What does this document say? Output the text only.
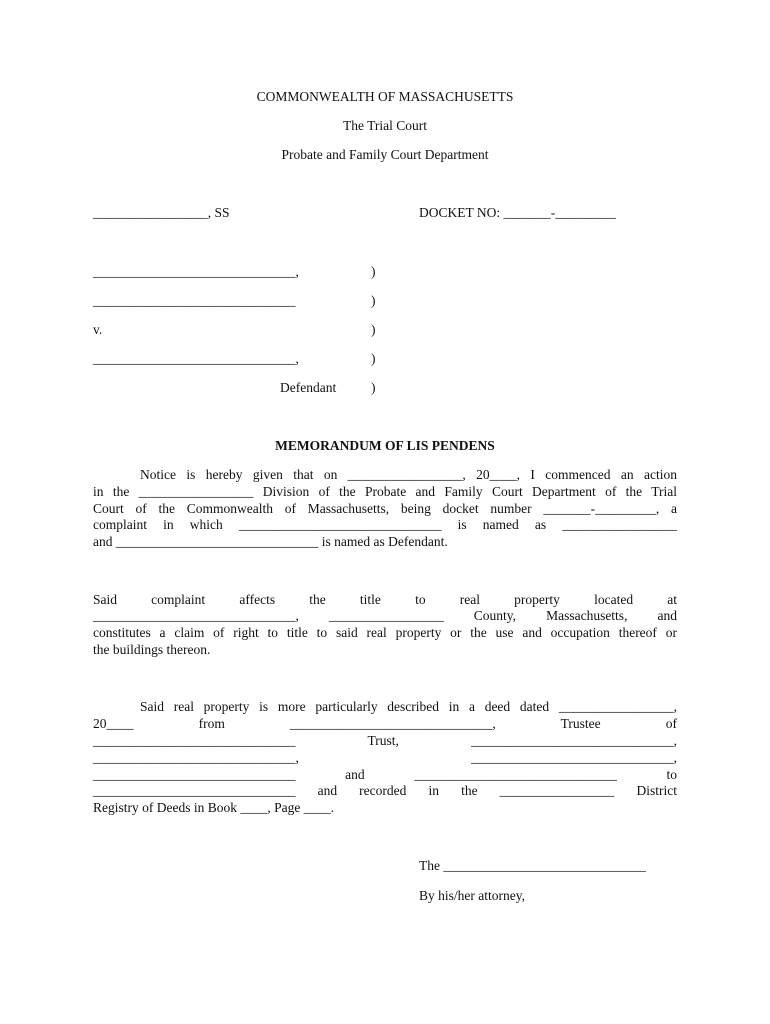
COMMONWEALTH OF MASSACHUSETTS
The Trial Court
Probate and Family Court Department
_________________, SS	DOCKET NO: _______-_________
______________________________,	)
______________________________	)
v.	)
______________________________,	)
Defendant	)
MEMORANDUM OF LIS PENDENS
Notice is hereby given that on _________________, 20____, I commenced an action
in the _________________ Division of the Probate and Family Court Department of the Trial
Court of the Commonwealth of Massachusetts, being docket number _______-_________, a
complaint in which ______________________________ is named as _________________
and ______________________________ is named as Defendant.
Said complaint affects the title to real property located at
______________________________, _________________ County, Massachusetts, and
constitutes a claim of right to title to said real property or the use and occupation thereof or
the buildings thereon.
Said real property is more particularly described in a deed dated _________________,
20____ from ______________________________, Trustee of
______________________________ Trust, ______________________________,
______________________________, ______________________________,
______________________________ and ______________________________ to
______________________________ and recorded in the _________________ District
Registry of Deeds in Book ____, Page ____.
The ______________________________
By his/her attorney,
